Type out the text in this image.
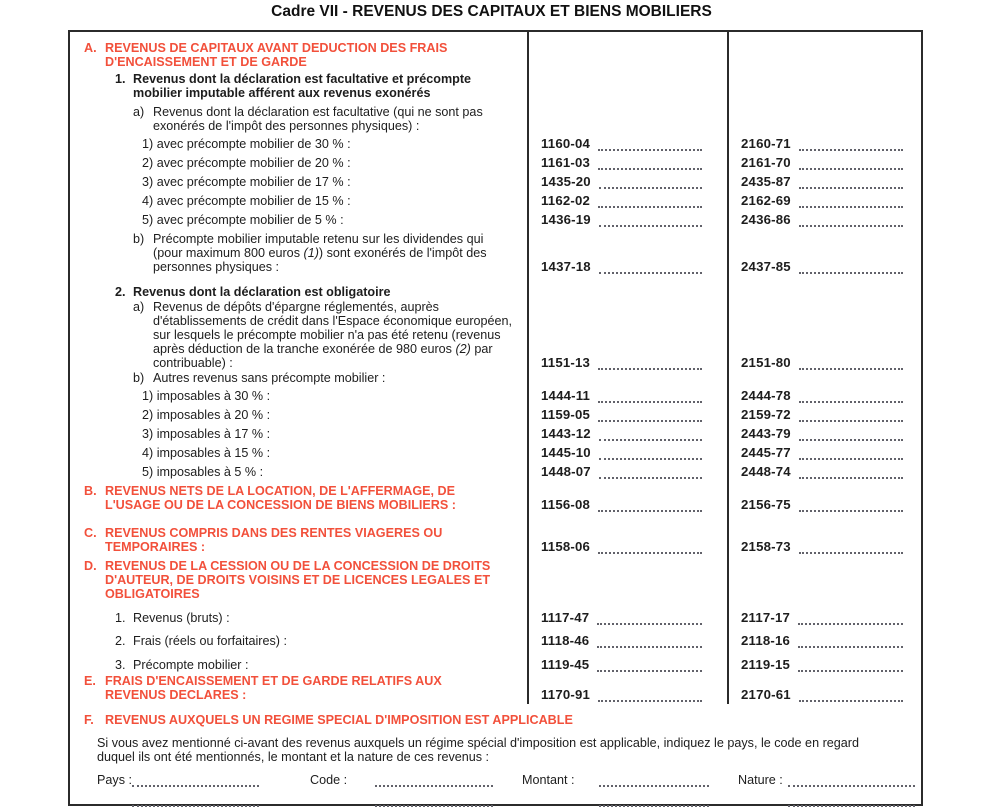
Cadre VII - REVENUS DES CAPITAUX ET BIENS MOBILIERS
A. REVENUS DE CAPITAUX AVANT DEDUCTION DES FRAIS
D'ENCAISSEMENT ET DE GARDE
1. Revenus dont la déclaration est facultative et précompte
mobilier imputable afférent aux revenus exonérés
a) Revenus dont la déclaration est facultative (qui ne sont pas
exonérés de l'impôt des personnes physiques) :
1) avec précompte mobilier de 30 % :	1160-04	2160-71
2) avec précompte mobilier de 20 % :	1161-03	2161-70
3) avec précompte mobilier de 17 % :	1435-20	2435-87
4) avec précompte mobilier de 15 % :	1162-02	2162-69
5) avec précompte mobilier de 5 % :	1436-19	2436-86
b) Précompte mobilier imputable retenu sur les dividendes qui
(pour maximum 800 euros (1)) sont exonérés de l'impôt des
personnes physiques :	1437-18	2437-85
2. Revenus dont la déclaration est obligatoire
a) Revenus de dépôts d'épargne réglementés, auprès
d'établissements de crédit dans l'Espace économique européen,
sur lesquels le précompte mobilier n'a pas été retenu (revenus
après déduction de la tranche exonérée de 980 euros (2) par
contribuable) :	1151-13	2151-80
b) Autres revenus sans précompte mobilier :
1) imposables à 30 % :	1444-11	2444-78
2) imposables à 20 % :	1159-05	2159-72
3) imposables à 17 % :	1443-12	2443-79
4) imposables à 15 % :	1445-10	2445-77
5) imposables à 5 % :	1448-07	2448-74
B. REVENUS NETS DE LA LOCATION, DE L'AFFERMAGE, DE
L'USAGE OU DE LA CONCESSION DE BIENS MOBILIERS :	1156-08	2156-75
C. REVENUS COMPRIS DANS DES RENTES VIAGERES OU
TEMPORAIRES :	1158-06	2158-73
D. REVENUS DE LA CESSION OU DE LA CONCESSION DE DROITS
D'AUTEUR, DE DROITS VOISINS ET DE LICENCES LEGALES ET
OBLIGATOIRES
1. Revenus (bruts) :	1117-47	2117-17
2. Frais (réels ou forfaitaires) :	1118-46	2118-16
3. Précompte mobilier :	1119-45	2119-15
E. FRAIS D'ENCAISSEMENT ET DE GARDE RELATIFS AUX
REVENUS DECLARES :	1170-91	2170-61
F. REVENUS AUXQUELS UN REGIME SPECIAL D'IMPOSITION EST APPLICABLE
Si vous avez mentionné ci-avant des revenus auxquels un régime spécial d'imposition est applicable, indiquez le pays, le code en regard
duquel ils ont été mentionnés, le montant et la nature de ces revenus :
Pays :	Code :	Montant :	Nature :
